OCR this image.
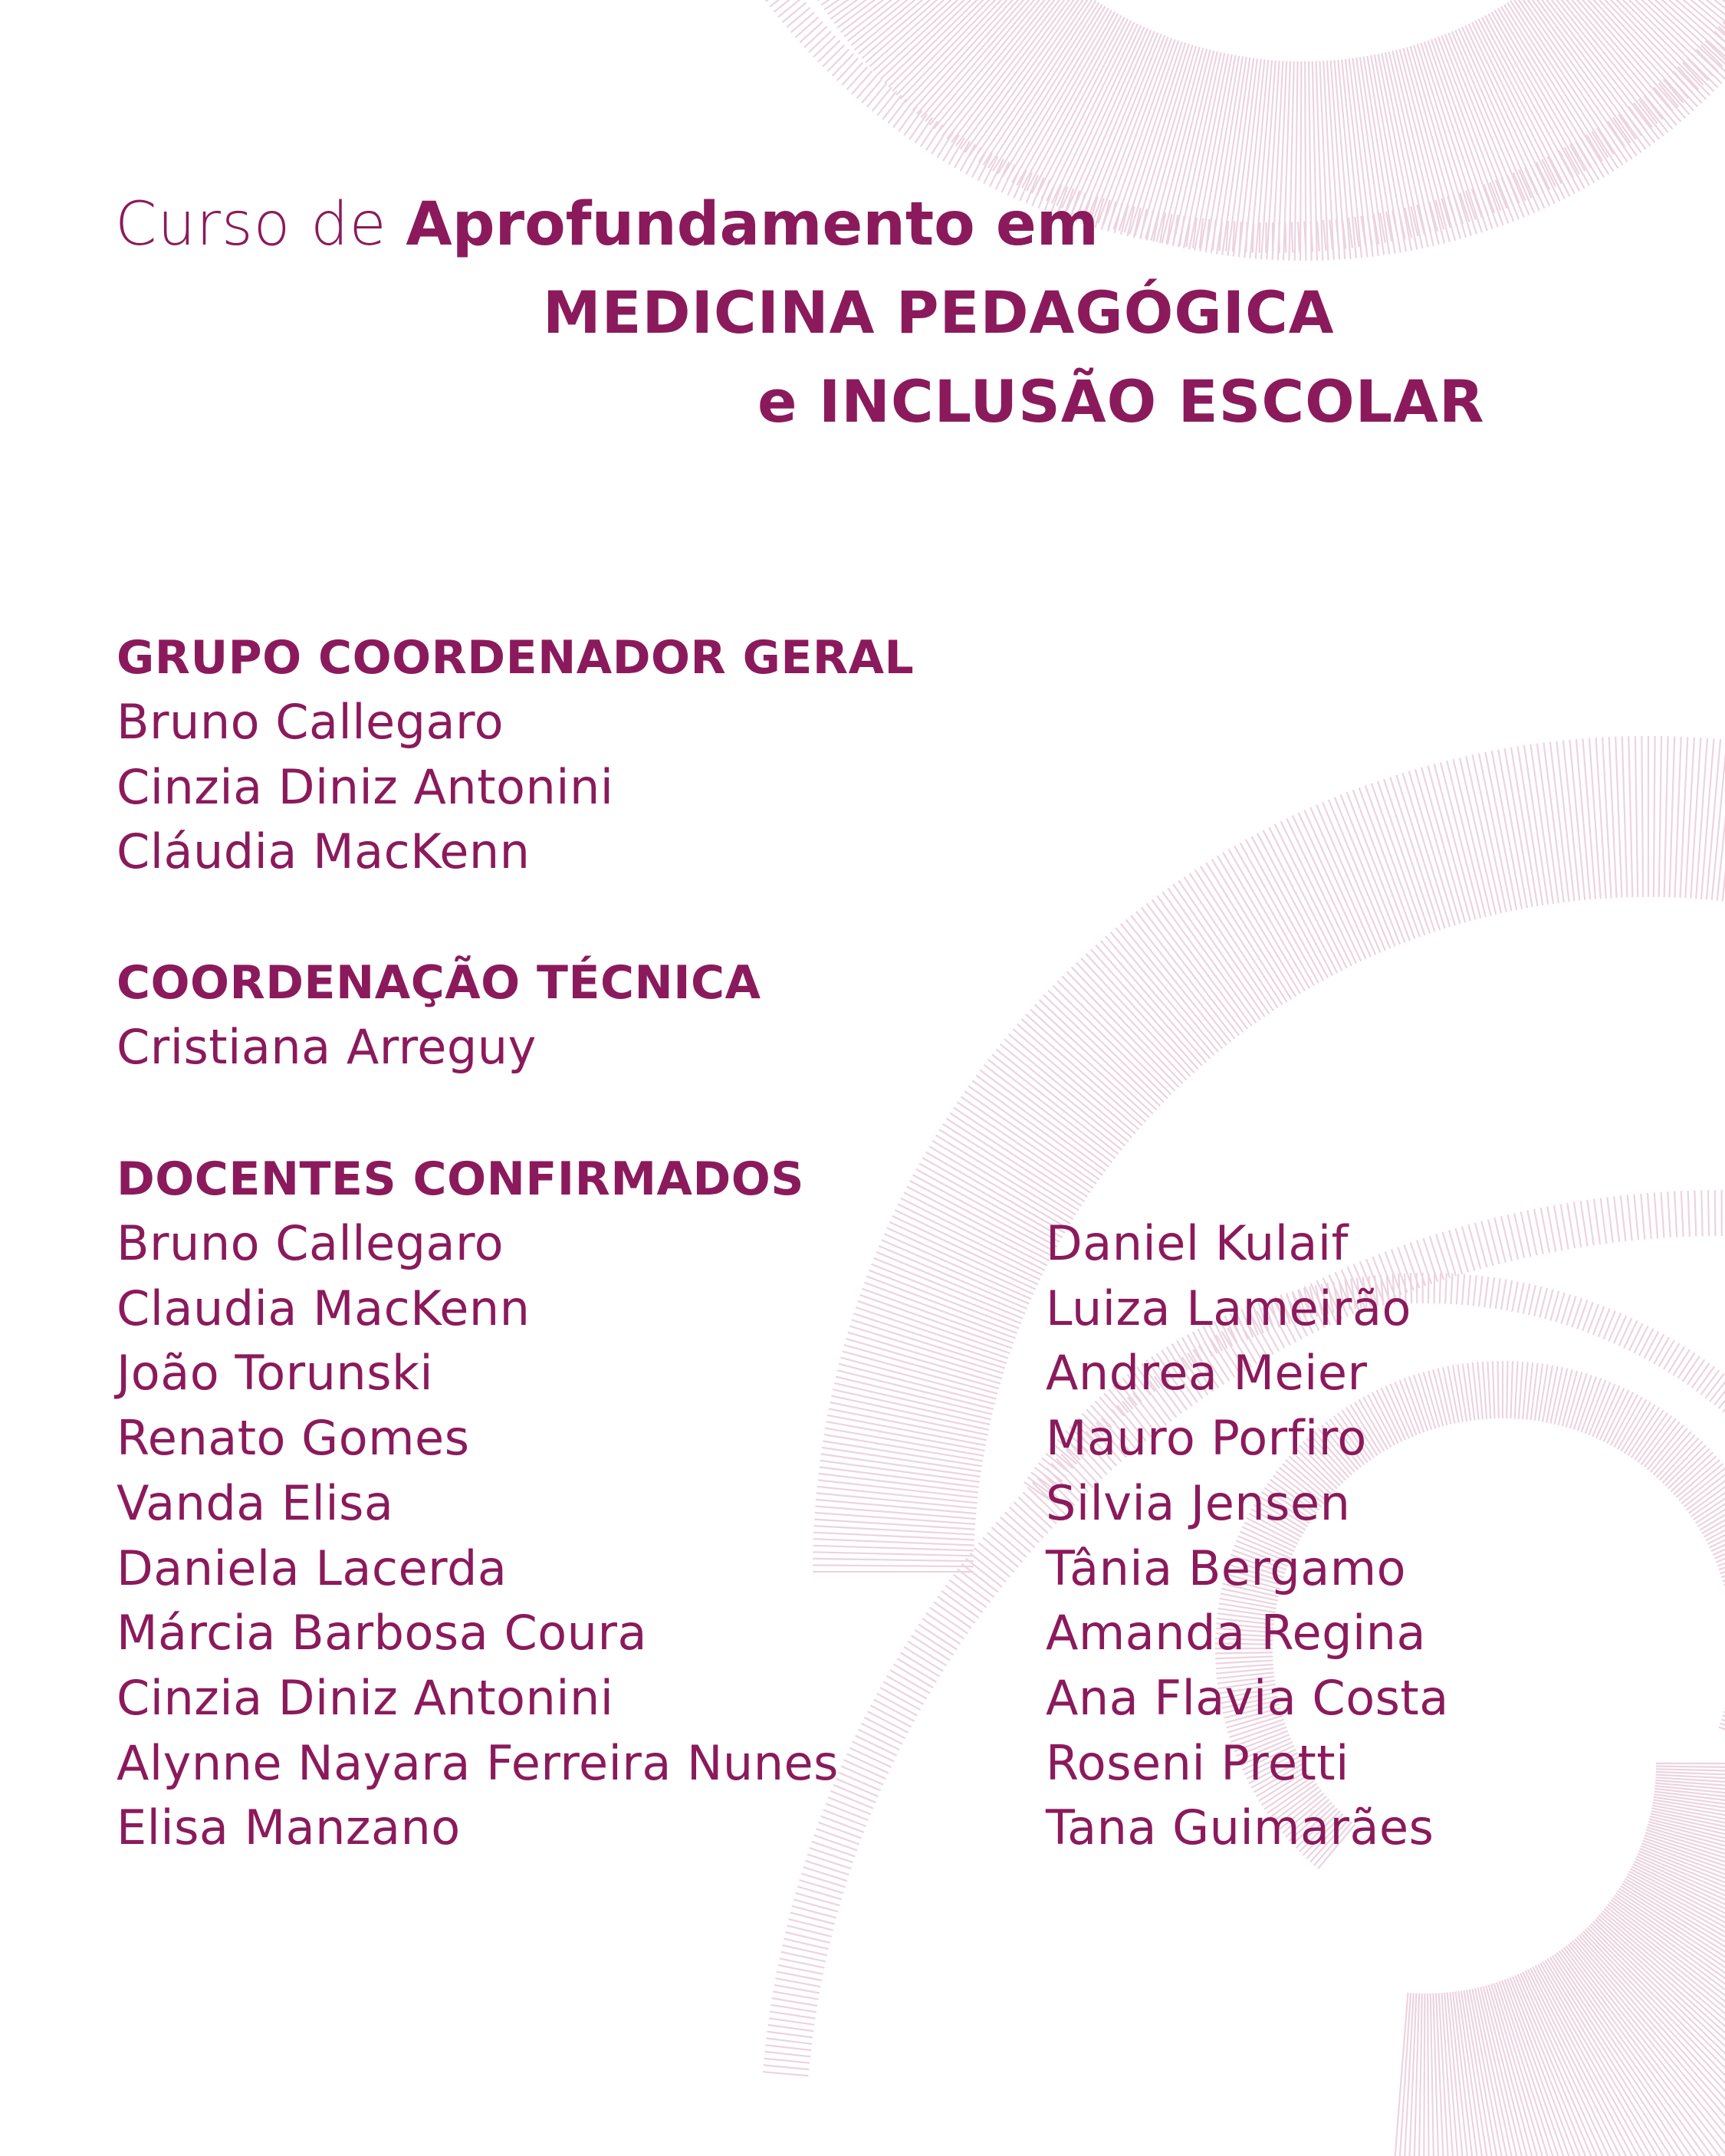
Curso de Aprofundamento em
MEDICINA PEDAGÓGICA
e INCLUSÃO ESCOLAR
GRUPO COORDENADOR GERAL
Bruno Callegaro
Cinzia Diniz Antonini
Cláudia MacKenn
COORDENAÇÃO TÉCNICA
Cristiana Arreguy
DOCENTES CONFIRMADOS
Bruno Callegaro
Claudia MacKenn
João Torunski
Renato Gomes
Vanda Elisa
Daniela Lacerda
Márcia Barbosa Coura
Cinzia Diniz Antonini
Alynne Nayara Ferreira Nunes
Elisa Manzano
Daniel Kulaif
Luiza Lameirão
Andrea Meier
Mauro Porfiro
Silvia Jensen
Tânia Bergamo
Amanda Regina
Ana Flavia Costa
Roseni Pretti
Tana Guimarães
